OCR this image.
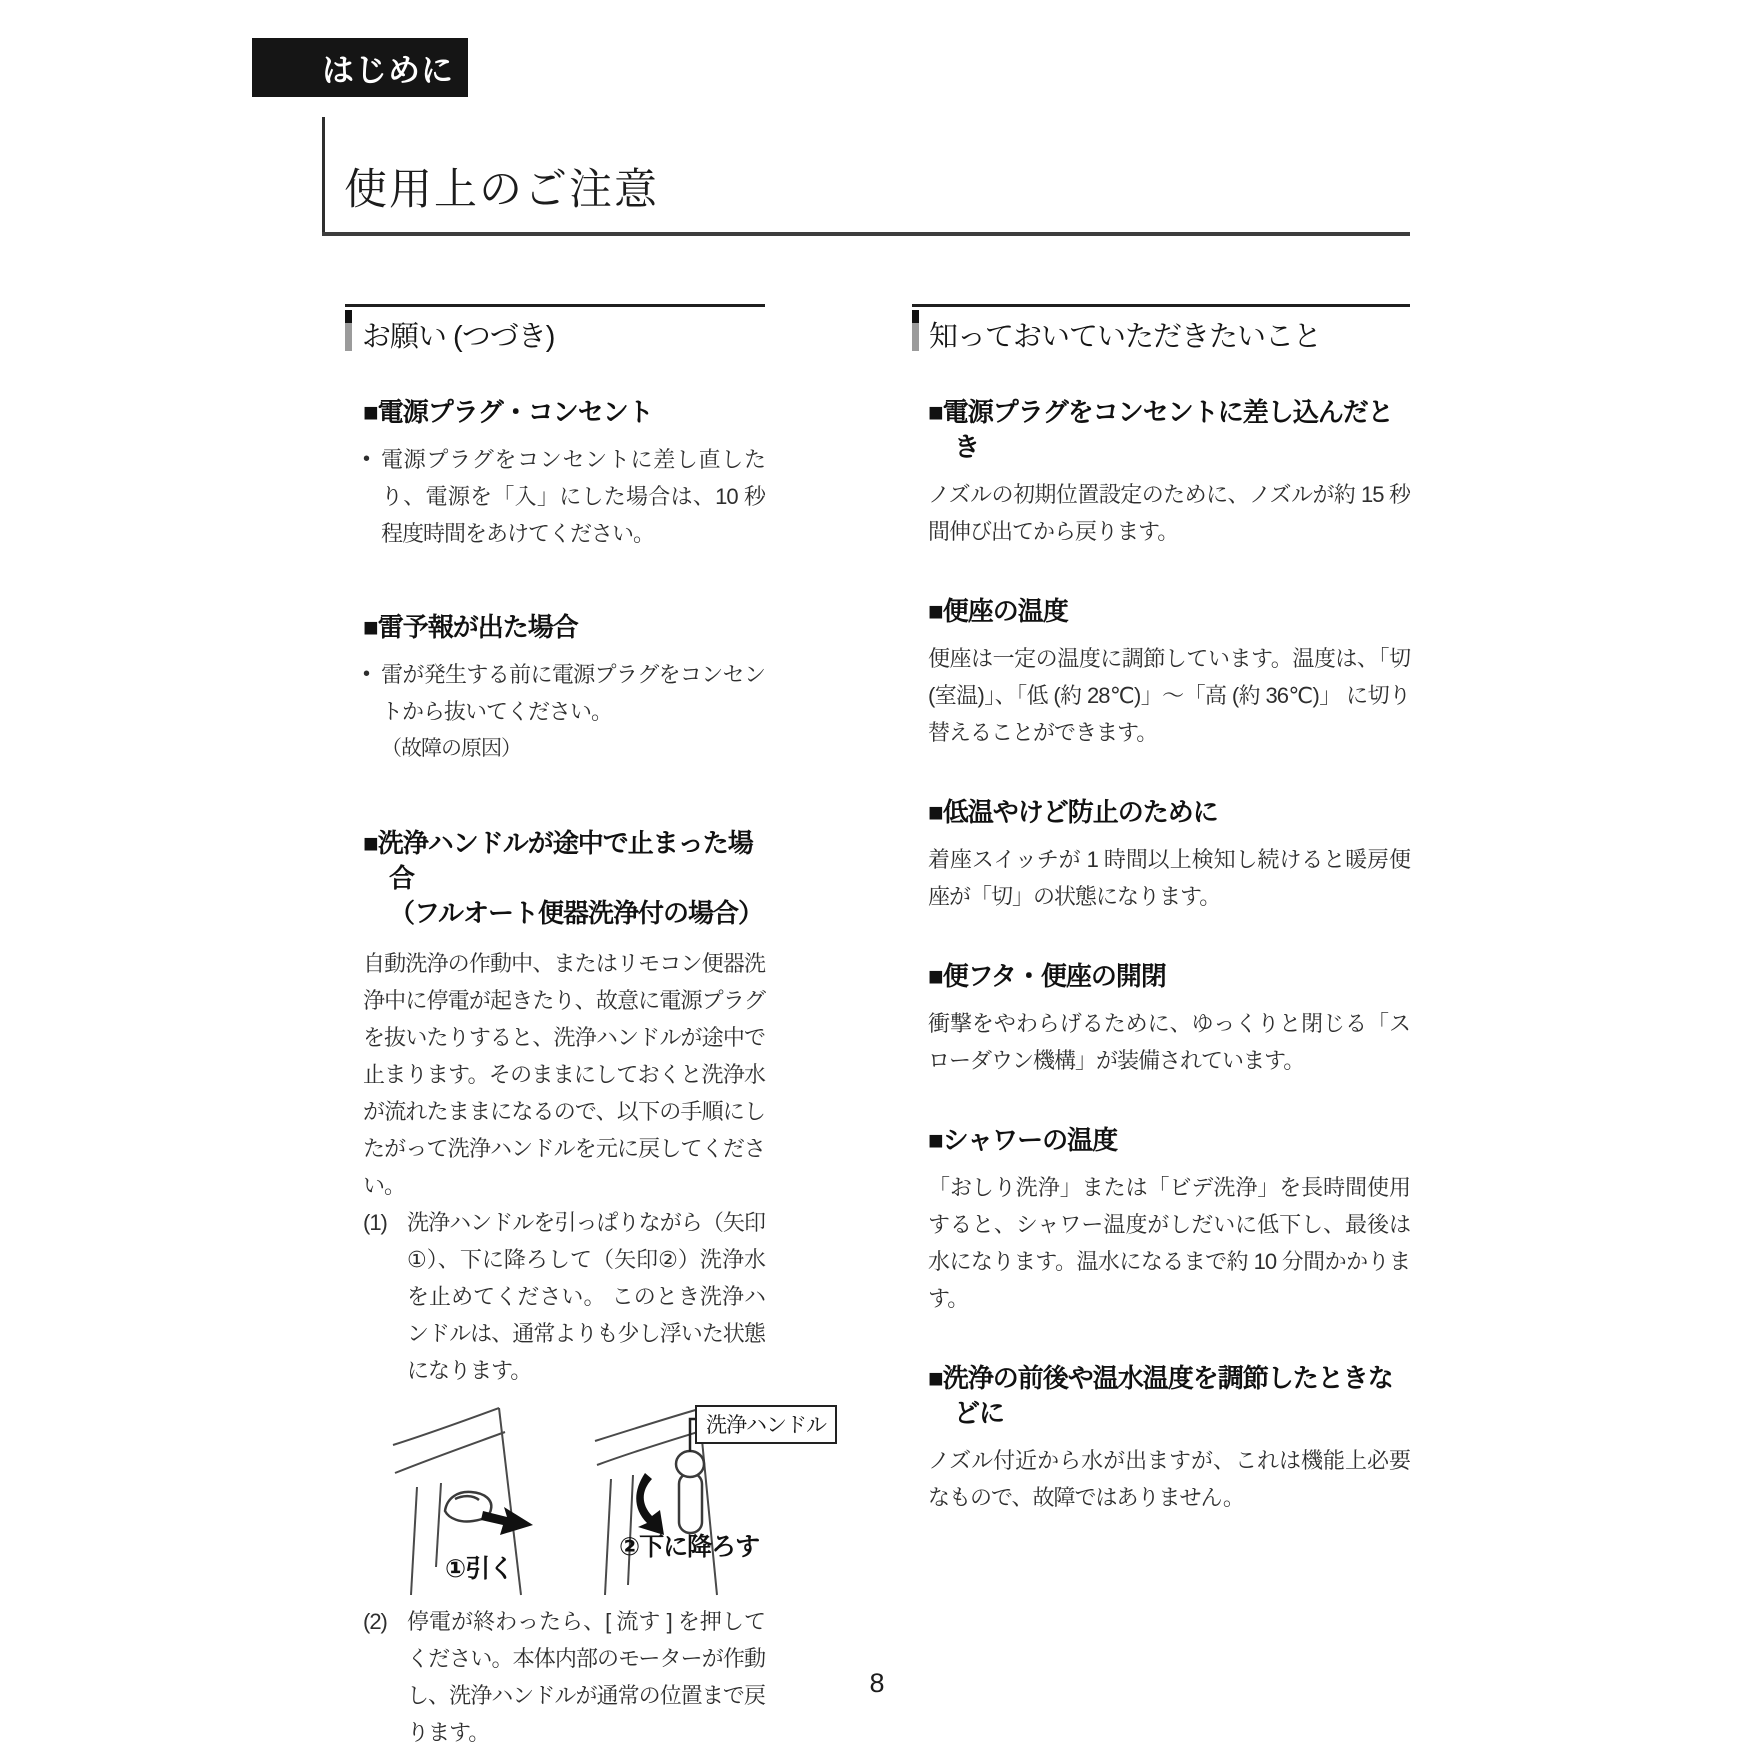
はじめに
使用上のご注意
お願い (つづき)
■電源プラグ・コンセント
• 電源プラグをコンセントに差し直したり、電源を「入」にした場合は、10 秒程度時間をあけてください。
■雷予報が出た場合
• 雷が発生する前に電源プラグをコンセントから抜いてください。
（故障の原因）
■洗浄ハンドルが途中で止まった場合
（フルオート便器洗浄付の場合）
自動洗浄の作動中、またはリモコン便器洗浄中に停電が起きたり、故意に電源プラグを抜いたりすると、洗浄ハンドルが途中で止まります。そのままにしておくと洗浄水が流れたままになるので、以下の手順にしたがって洗浄ハンドルを元に戻してください。
(1) 洗浄ハンドルを引っぱりながら（矢印①）、下に降ろして（矢印②）洗浄水を止めてください。 このとき洗浄ハンドルは、通常よりも少し浮いた状態になります。
①引く
②下に降ろす
洗浄ハンドル
(2) 停電が終わったら、[ 流す ] を押してください。本体内部のモーターが作動し、洗浄ハンドルが通常の位置まで戻ります。
知っておいていただきたいこと
■電源プラグをコンセントに差し込んだとき
ノズルの初期位置設定のために、ノズルが約 15 秒間伸び出てから戻ります。
■便座の温度
便座は一定の温度に調節しています。温度は、「切(室温)」、「低 (約 28℃)」〜「高 (約 36℃)」 に切り替えることができます。
■低温やけど防止のために
着座スイッチが 1 時間以上検知し続けると暖房便座が「切」の状態になります。
■便フタ・便座の開閉
衝撃をやわらげるために、ゆっくりと閉じる「スローダウン機構」が装備されています。
■シャワーの温度
「おしり洗浄」または「ビデ洗浄」を長時間使用すると、シャワー温度がしだいに低下し、最後は水になります。温水になるまで約 10 分間かかります。
■洗浄の前後や温水温度を調節したときなどに
ノズル付近から水が出ますが、これは機能上必要なもので、故障ではありません。
8
